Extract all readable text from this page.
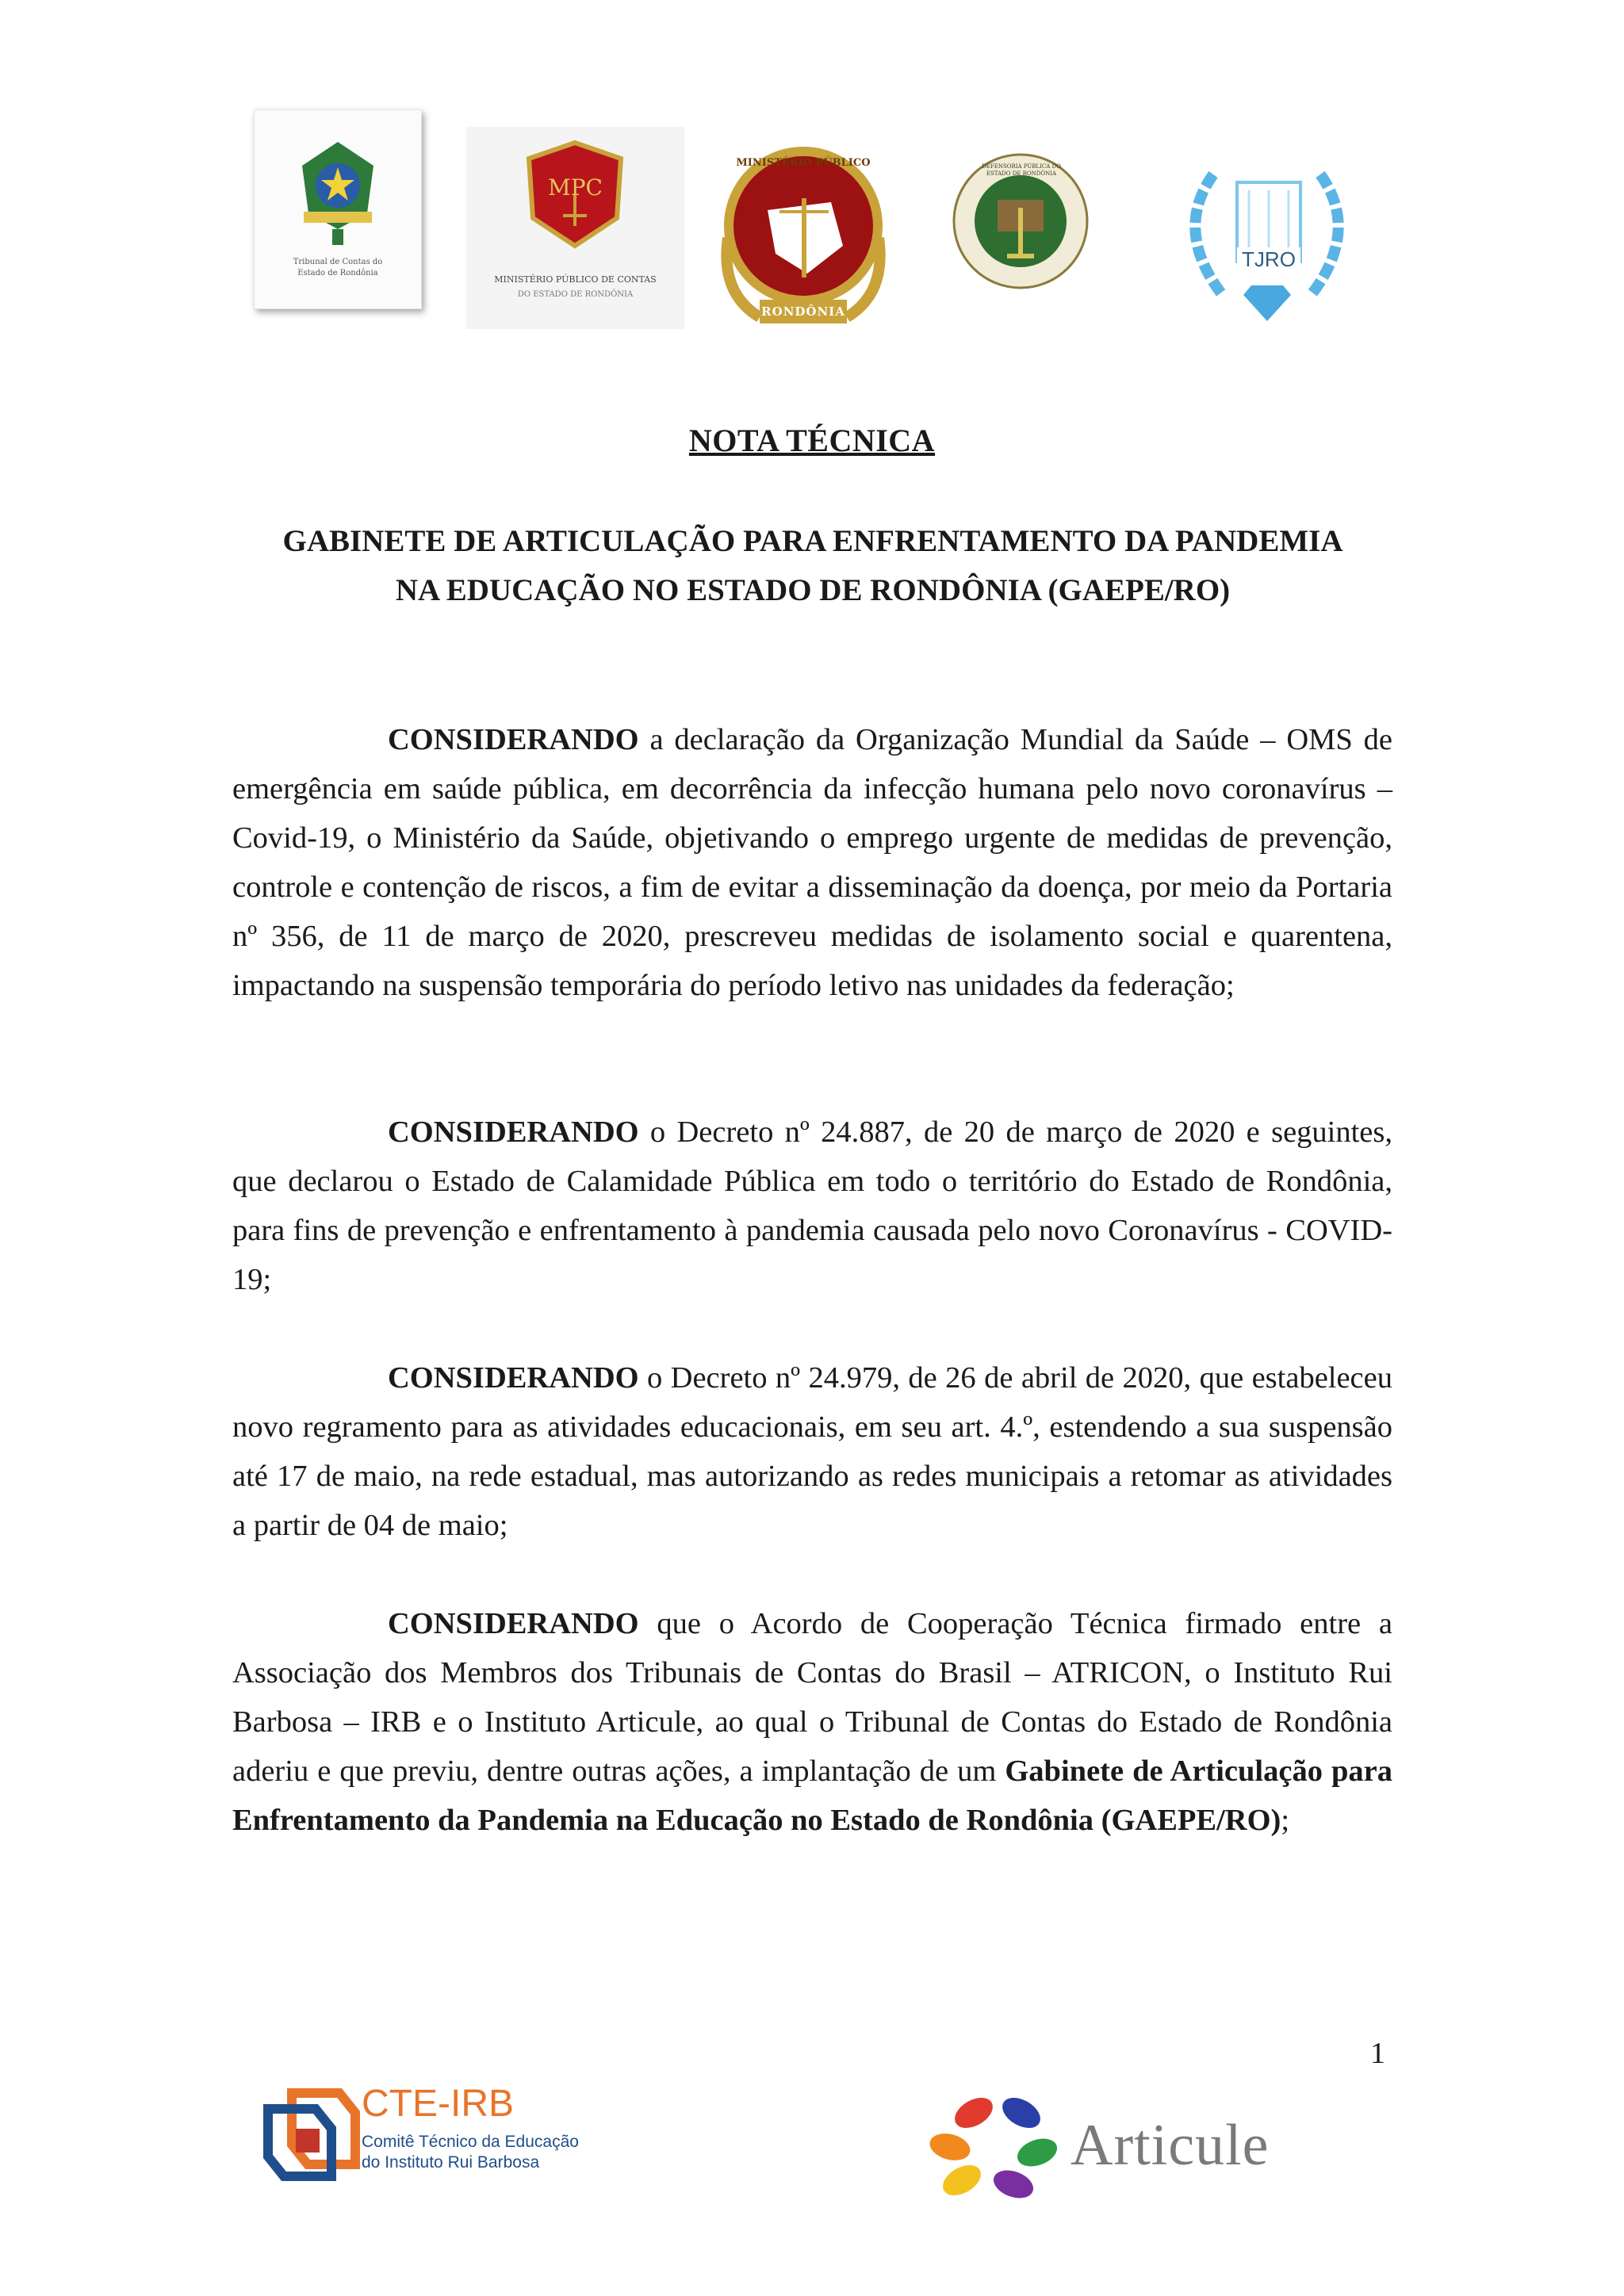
Tribunal de Contas do
Estado de Rondônia
MPC
MINISTÉRIO PÚBLICO DE CONTAS
DO ESTADO DE RONDÔNIA
MINISTÉRIO PÚBLICO
RONDÔNIA
DEFENSORIA PÚBLICA DO ESTADO DE RONDÔNIA
TJRO
NOTA TÉCNICA
GABINETE DE ARTICULAÇÃO PARA ENFRENTAMENTO DA PANDEMIA
NA EDUCAÇÃO NO ESTADO DE RONDÔNIA (GAEPE/RO)

CONSIDERANDO a declaração da Organização Mundial da Saúde – OMS de emergência em saúde pública, em decorrência da infecção humana pelo novo coronavírus – Covid-19, o Ministério da Saúde, objetivando o emprego urgente de medidas de prevenção, controle e contenção de riscos, a fim de evitar a disseminação da doença, por meio da Portaria nº 356, de 11 de março de 2020, prescreveu medidas de isolamento social e quarentena, impactando na suspensão temporária do período letivo nas unidades da federação;

CONSIDERANDO o Decreto nº 24.887, de 20 de março de 2020 e seguintes, que declarou o Estado de Calamidade Pública em todo o território do Estado de Rondônia, para fins de prevenção e enfrentamento à pandemia causada pelo novo Coronavírus - COVID-19;

CONSIDERANDO o Decreto nº 24.979, de 26 de abril de 2020, que estabeleceu novo regramento para as atividades educacionais, em seu art. 4.º, estendendo a sua suspensão até 17 de maio, na rede estadual, mas autorizando as redes municipais a retomar as atividades a partir de 04 de maio;

CONSIDERANDO que o Acordo de Cooperação Técnica firmado entre a Associação dos Membros dos Tribunais de Contas do Brasil – ATRICON, o Instituto Rui Barbosa – IRB e o Instituto Articule, ao qual o Tribunal de Contas do Estado de Rondônia aderiu e que previu, dentre outras ações, a implantação de um Gabinete de Articulação para Enfrentamento da Pandemia na Educação no Estado de Rondônia (GAEPE/RO);

1
CTE-IRB
Comitê Técnico da Educação
do Instituto Rui Barbosa	Articule
